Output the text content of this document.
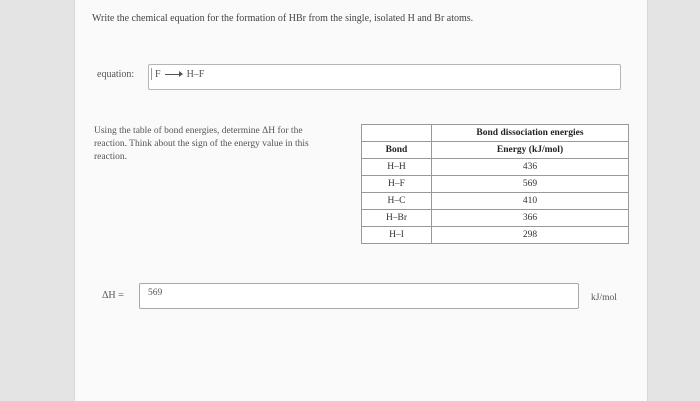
Write the chemical equation for the formation of HBr from the single, isolated H and Br atoms.
equation: F	H–F
Using the table of bond energies, determine ΔH for the reaction. Think about the sign of the energy value in this reaction.
	Bond dissociation energies
Bond	Energy (kJ/mol)
H–H	436
H–F	569
H–C	410
H–Br	366
H–I	298
ΔH =	569	kJ/mol
